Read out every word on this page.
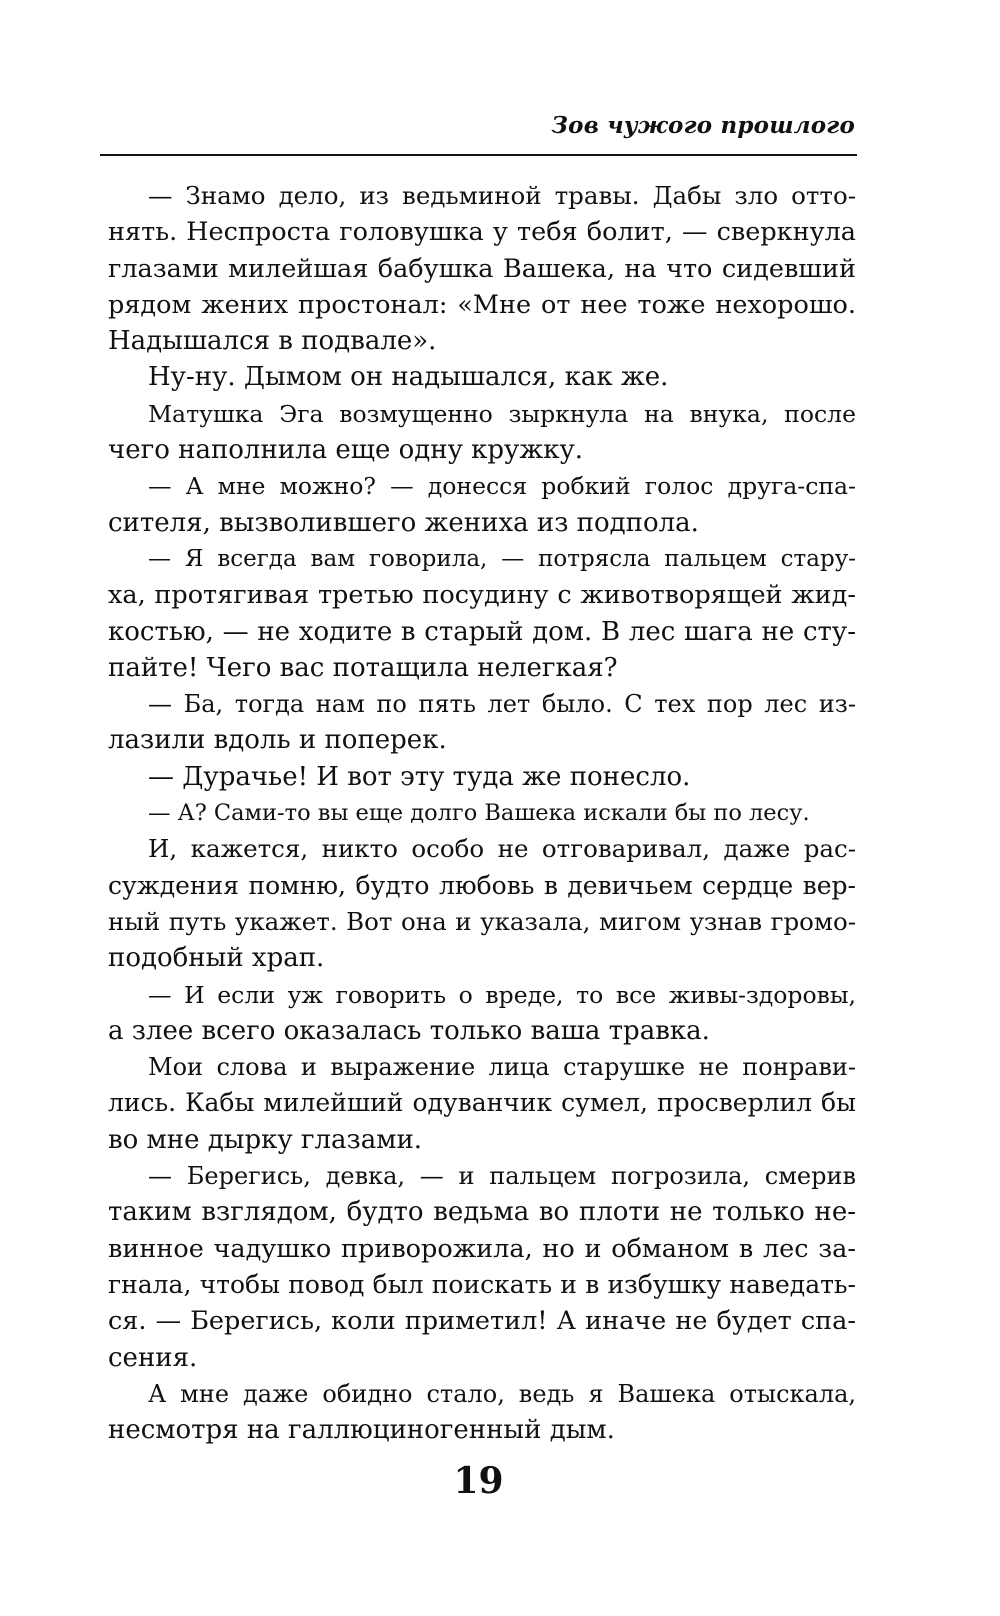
Зов чужого прошлого
— Знамо дело, из ведьминой травы. Дабы зло отто-
нять. Неспроста головушка у тебя болит, — сверкнула
глазами милейшая бабушка Вашека, на что сидевший
рядом жених простонал: «Мне от нее тоже нехорошо.
Надышался в подвале».
Ну-ну. Дымом он надышался, как же.
Матушка Эга возмущенно зыркнула на внука, после
чего наполнила еще одну кружку.
— А мне можно? — донесся робкий голос друга-спа-
сителя, вызволившего жениха из подпола.
— Я всегда вам говорила, — потрясла пальцем стару-
ха, протягивая третью посудину с животворящей жид-
костью, — не ходите в старый дом. В лес шага не сту-
пайте! Чего вас потащила нелегкая?
— Ба, тогда нам по пять лет было. С тех пор лес из-
лазили вдоль и поперек.
— Дурачье! И вот эту туда же понесло.
— А? Сами-то вы еще долго Вашека искали бы по лесу.
И, кажется, никто особо не отговаривал, даже рас-
суждения помню, будто любовь в девичьем сердце вер-
ный путь укажет. Вот она и указала, мигом узнав громо-
подобный храп.
— И если уж говорить о вреде, то все живы-здоровы,
а злее всего оказалась только ваша травка.
Мои слова и выражение лица старушке не понрави-
лись. Кабы милейший одуванчик сумел, просверлил бы
во мне дырку глазами.
— Берегись, девка, — и пальцем погрозила, смерив
таким взглядом, будто ведьма во плоти не только не-
винное чадушко приворожила, но и обманом в лес за-
гнала, чтобы повод был поискать и в избушку наведать-
ся. — Берегись, коли приметил! А иначе не будет спа-
сения.
А мне даже обидно стало, ведь я Вашека отыскала,
несмотря на галлюциногенный дым.
19
